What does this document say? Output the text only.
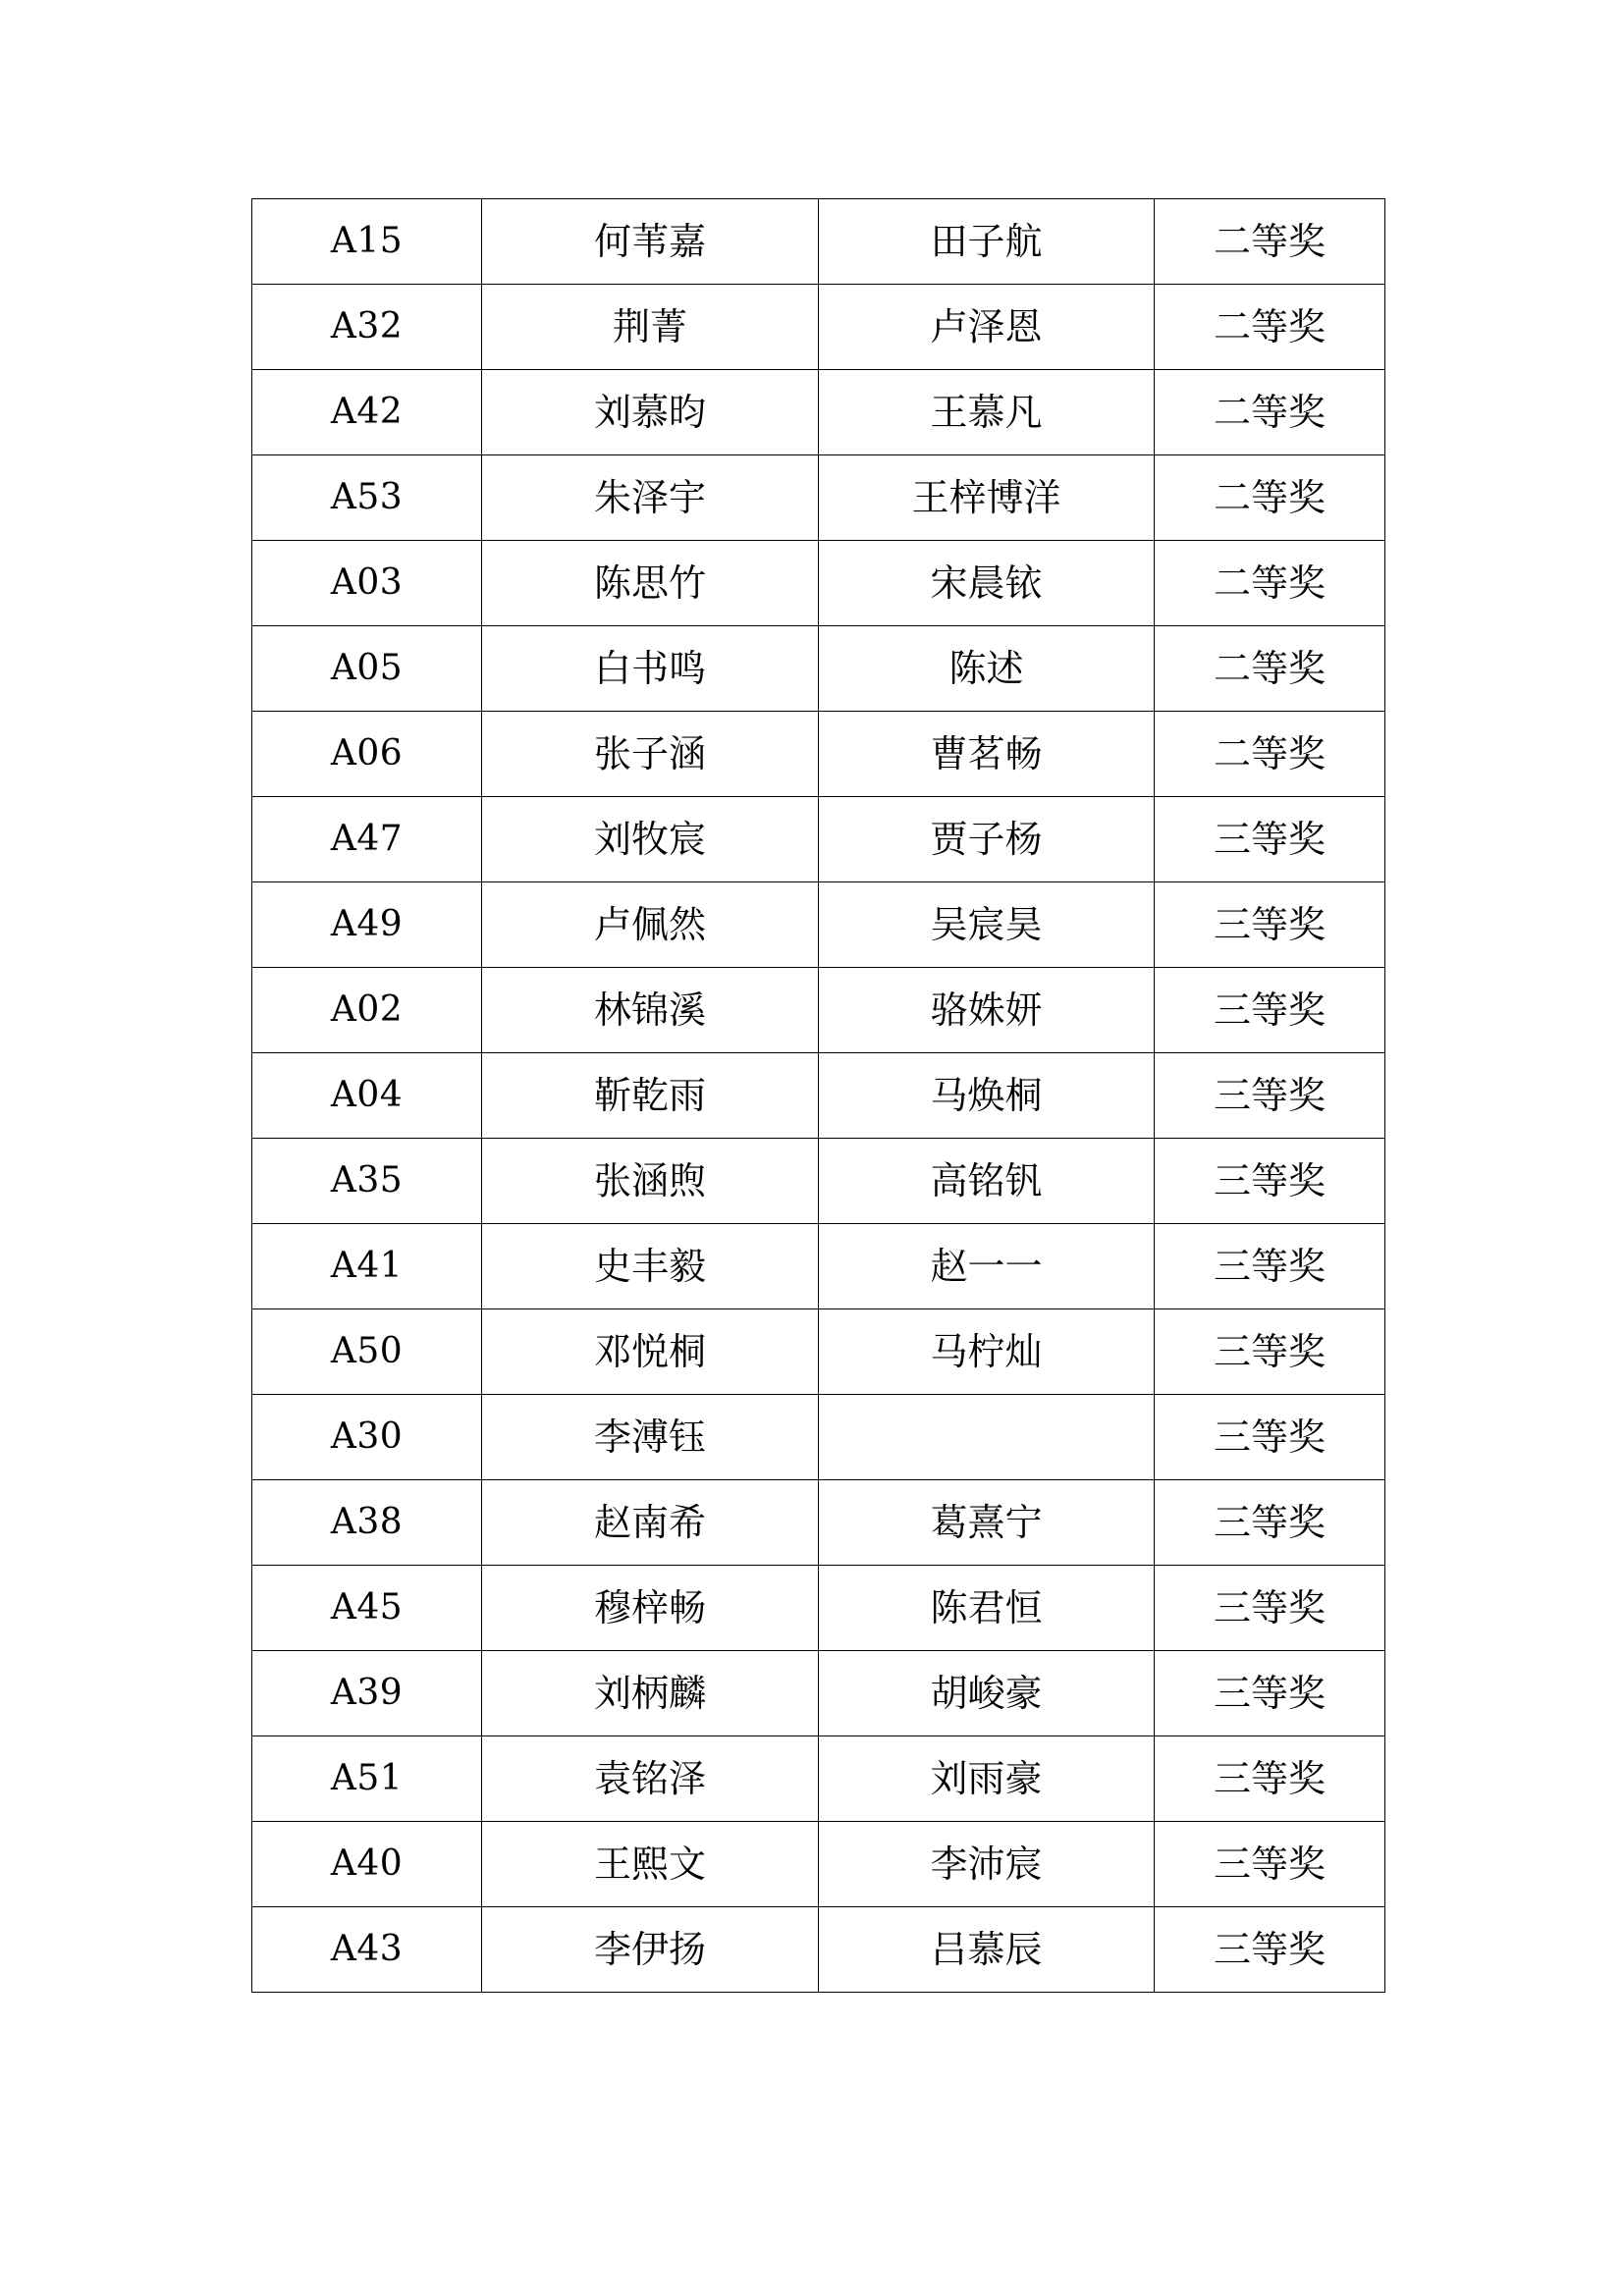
A15	何苇嘉	田子航	二等奖
A32	荆菁	卢泽恩	二等奖
A42	刘慕昀	王慕凡	二等奖
A53	朱泽宇	王梓博洋	二等奖
A03	陈思竹	宋晨铱	二等奖
A05	白书鸣	陈述	二等奖
A06	张子涵	曹茗畅	二等奖
A47	刘牧宸	贾子杨	三等奖
A49	卢佩然	吴宸昊	三等奖
A02	林锦溪	骆姝妍	三等奖
A04	靳乾雨	马焕桐	三等奖
A35	张涵煦	高铭钒	三等奖
A41	史丰毅	赵一一	三等奖
A50	邓悦桐	马柠灿	三等奖
A30	李溥钰		三等奖
A38	赵南希	葛熹宁	三等奖
A45	穆梓畅	陈君恒	三等奖
A39	刘柄麟	胡峻豪	三等奖
A51	袁铭泽	刘雨豪	三等奖
A40	王熙文	李沛宸	三等奖
A43	李伊扬	吕慕辰	三等奖
